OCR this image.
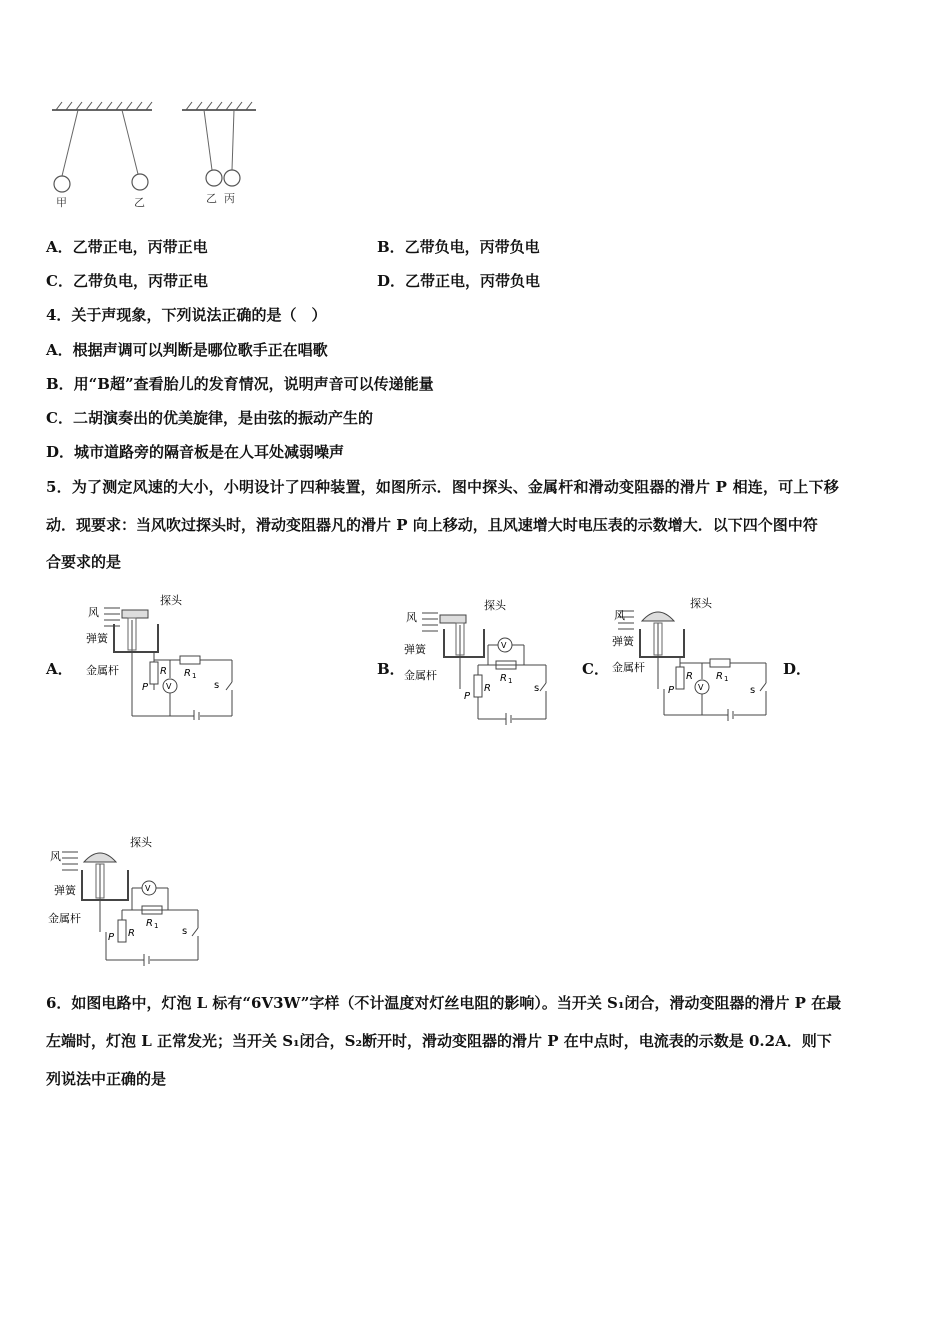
甲	乙	乙 丙
A．乙带正电，丙带正电	B．乙带负电，丙带负电
C．乙带负电，丙带正电	D．乙带正电，丙带负电
4．关于声现象，下列说法正确的是（　）
A．根据声调可以判断是哪位歌手正在唱歌
B．用“B超”查看胎儿的发育情况，说明声音可以传递能量
C．二胡演奏出的优美旋律，是由弦的振动产生的
D．城市道路旁的隔音板是在人耳处减弱噪声
5．为了测定风速的大小，小明设计了四种装置，如图所示．图中探头、金属杆和滑动变阻器的滑片 P 相连，可上下移
动．现要求：当风吹过探头时，滑动变阻器凡的滑片 P 向上移动，且风速增大时电压表的示数增大．以下四个图中符
合要求的是
A．	B．	C．	D．
风
探头
弹簧
金属杆	R
P
R 1
V	s
风
探头
弹簧
金属杆
R
P
R 1
V
s
风
探头
弹簧
金属杆
R
P
R 1
V	s
风
探头
弹簧
金属杆
R
P
R 1
V
s
6．如图电路中，灯泡 L 标有“6V3W”字样（不计温度对灯丝电阻的影响）。当开关 S₁闭合，滑动变阻器的滑片 P 在最
左端时，灯泡 L 正常发光；当开关 S₁闭合，S₂断开时，滑动变阻器的滑片 P 在中点时，电流表的示数是 0.2A．则下
列说法中正确的是
